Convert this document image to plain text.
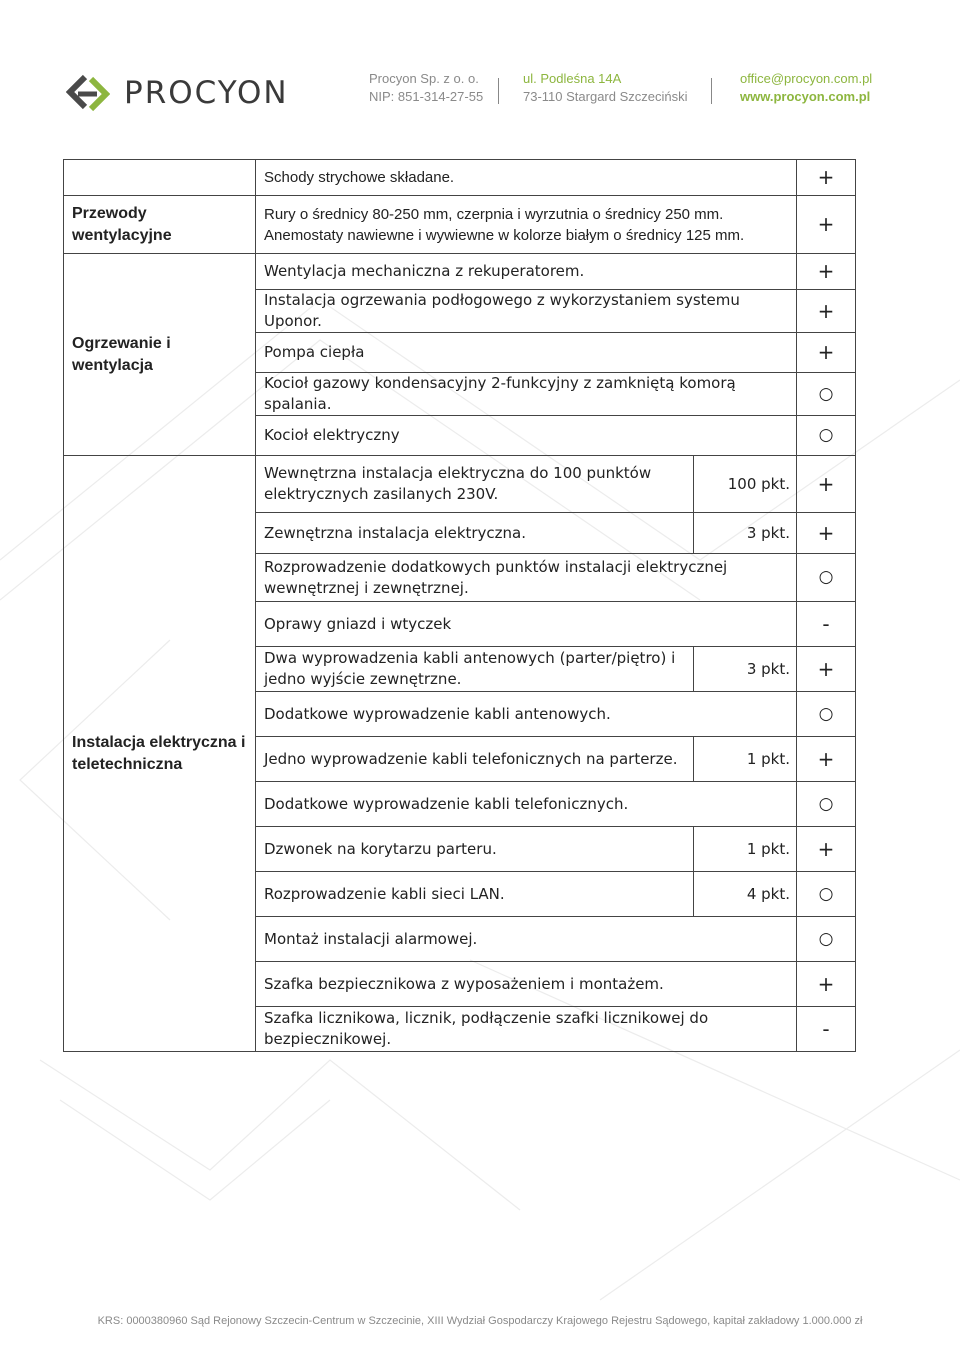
PROCYON	Procyon Sp. z o. o.
NIP: 851-314-27-55
ul. Podleśna 14A
73-110 Stargard Szczeciński
office@procyon.com.pl
www.procyon.com.pl
	Schody strychowe składane.		+
Przewody wentylacyjne	Rury o średnicy 80-250 mm, czerpnia i wyrzutnia o średnicy 250 mm. Anemostaty nawiewne i wywiewne w kolorze białym o średnicy 125 mm.		+
Ogrzewanie i wentylacja	Wentylacja mechaniczna z rekuperatorem.		+
	Instalacja ogrzewania podłogowego z wykorzystaniem systemu Uponor.		+
	Pompa ciepła		+
	Kocioł gazowy kondensacyjny 2-funkcyjny z zamkniętą komorą spalania.		○
	Kocioł elektryczny		○
Instalacja elektryczna i teletechniczna	Wewnętrzna instalacja elektryczna do 100 punktów elektrycznych zasilanych 230V.	100 pkt.	+
	Zewnętrzna instalacja elektryczna.	3 pkt.	+
	Rozprowadzenie dodatkowych punktów instalacji elektrycznej wewnętrznej i zewnętrznej.		○
	Oprawy gniazd i wtyczek		-
	Dwa wyprowadzenia kabli antenowych (parter/piętro) i jedno wyjście zewnętrzne.	3 pkt.	+
	Dodatkowe wyprowadzenie kabli antenowych.		○
	Jedno wyprowadzenie kabli telefonicznych na parterze.	1 pkt.	+
	Dodatkowe wyprowadzenie kabli telefonicznych.		○
	Dzwonek na korytarzu parteru.	1 pkt.	+
	Rozprowadzenie kabli sieci LAN.	4 pkt.	○
	Montaż instalacji alarmowej.		○
	Szafka bezpiecznikowa z wyposażeniem i montażem.		+
	Szafka licznikowa, licznik, podłączenie szafki licznikowej do bezpiecznikowej.		-
KRS: 0000380960 Sąd Rejonowy Szczecin-Centrum w Szczecinie, XIII Wydział Gospodarczy Krajowego Rejestru Sądowego, kapitał zakładowy 1.000.000 zł
